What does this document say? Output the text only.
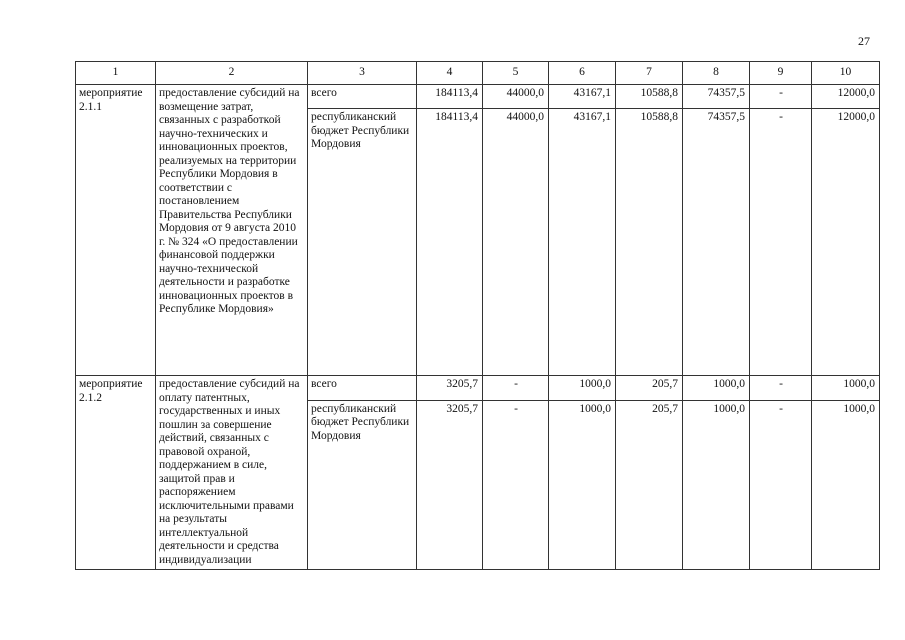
27
1	2	3	4	5	6	7	8	9	10
мероприятие 2.1.1	предоставление субсидий на возмещение затрат, связанных с разработкой научно-технических и инновационных проектов, реализуемых на территории Республики Мордовия в соответствии с постановлением Правительства Республики Мордовия от 9 августа 2010 г. № 324 «О предоставлении финансовой поддержки научно-технической деятельности и разработке инновационных проектов в Республике Мордовия»	всего	184113,4	44000,0	43167,1	10588,8	74357,5	-	12000,0
		республиканский бюджет Республики Мордовия	184113,4	44000,0	43167,1	10588,8	74357,5	-	12000,0
мероприятие 2.1.2	предоставление субсидий на оплату патентных, государственных и иных пошлин за совершение действий, связанных с правовой охраной, поддержанием в силе, защитой прав и распоряжением исключительными правами на результаты интеллектуальной деятельности и средства индивидуализации	всего	3205,7	-	1000,0	205,7	1000,0	-	1000,0
		республиканский бюджет Республики Мордовия	3205,7	-	1000,0	205,7	1000,0	-	1000,0
